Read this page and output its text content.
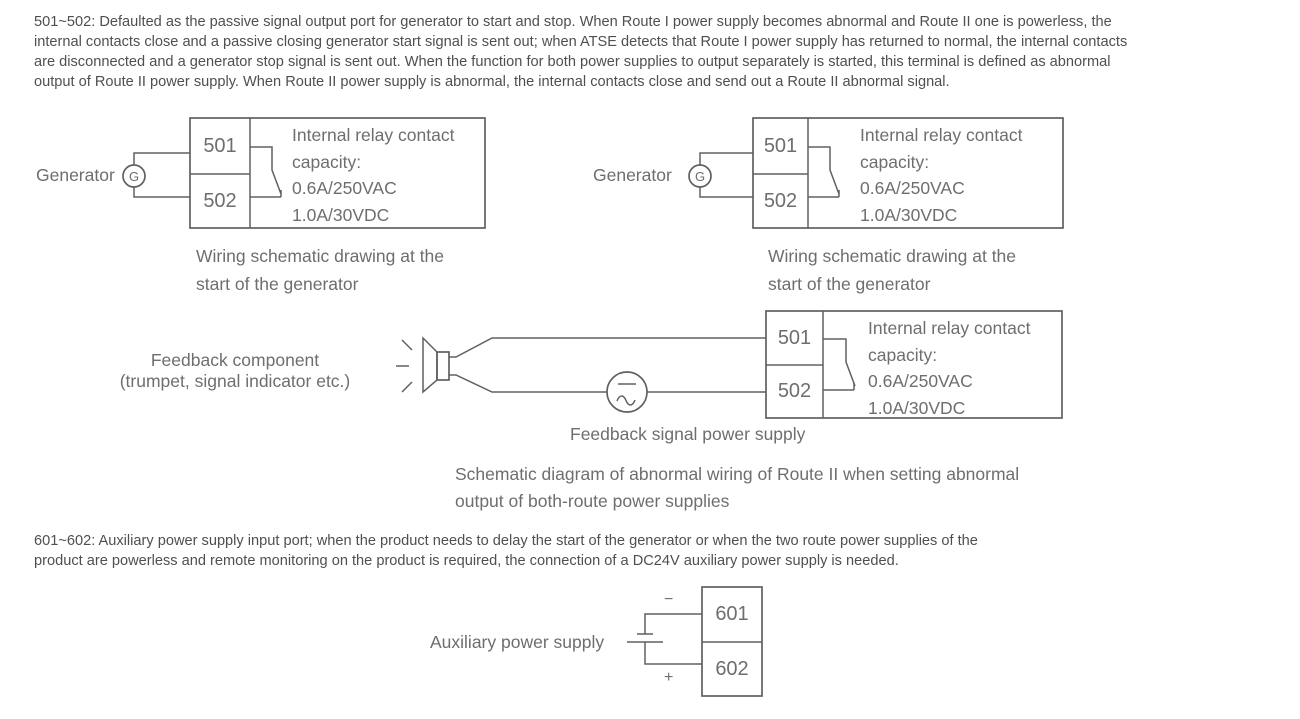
501~502: Defaulted as the passive signal output port for generator to start and stop. When Route I power supply becomes abnormal and Route II one is powerless, the
internal contacts close and a passive closing generator start signal is sent out; when ATSE detects that Route I power supply has returned to normal, the internal contacts
are disconnected and a generator stop signal is sent out. When the function for both power supplies to output separately is started, this terminal is defined as abnormal
output of Route II power supply. When Route II power supply is abnormal, the internal contacts close and send out a Route II abnormal signal.
Generator	G
501
502
Internal relay contact
capacity:
0.6A/250VAC
1.0A/30VDC
Wiring schematic drawing at the
start of the generator
Generator	G
501
502
Internal relay contact
capacity:
0.6A/250VAC
1.0A/30VDC
Wiring schematic drawing at the
start of the generator
Feedback component
(trumpet, signal indicator etc.)
501
502
Internal relay contact
capacity:
0.6A/250VAC
1.0A/30VDC
Feedback signal power supply
Schematic diagram of abnormal wiring of Route II when setting abnormal
output of both-route power supplies
601~602: Auxiliary power supply input port; when the product needs to delay the start of the generator or when the two route power supplies of the
product are powerless and remote monitoring on the product is required, the connection of a DC24V auxiliary power supply is needed.
Auxiliary power supply
−
+
601
602
